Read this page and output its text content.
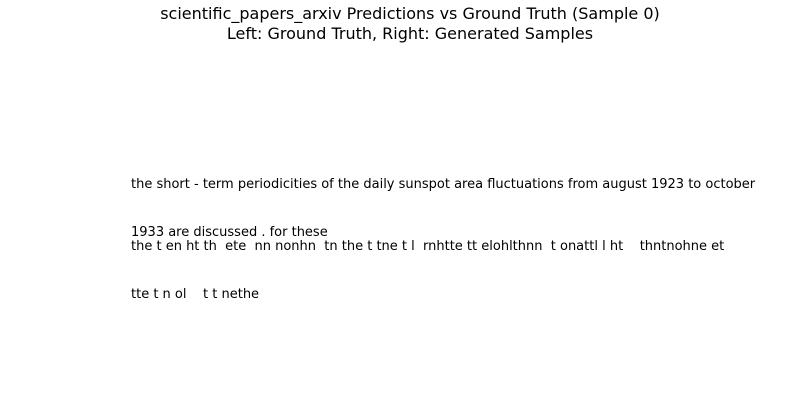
scientific_papers_arxiv Predictions vs Ground Truth (Sample 0)
Left: Ground Truth, Right: Generated Samples

the short - term periodicities of the daily sunspot area fluctuations from august 1923 to october

1933 are discussed . for these

the t en ht th  ete  nn nonhn  tn the t tne t l  rnhtte tt elohlthnn  t onattl l ht    thntnohne et

tte t n ol    t t nethe
